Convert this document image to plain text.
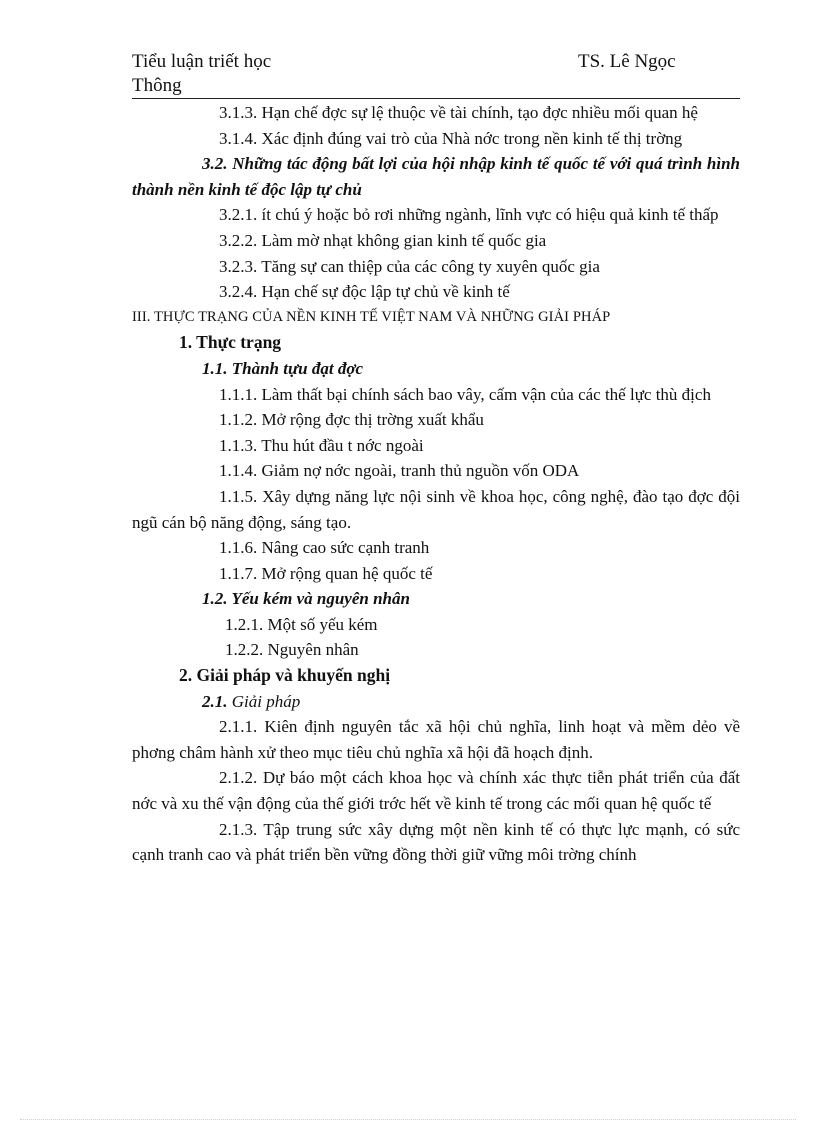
Tiểu luận triết học	TS. Lê Ngọc
Thông

3.1.3. Hạn chế đợc sự lệ thuộc về tài chính, tạo đợc nhiều mối quan hệ

3.1.4. Xác định đúng vai trò của Nhà nớc trong nền kinh tế thị trờng

3.2. Những tác động bất lợi của hội nhập kinh tế quốc tế với quá trình hình thành nền kinh tế độc lập tự chủ

3.2.1. ít chú ý hoặc bỏ rơi những ngành, lĩnh vực có hiệu quả kinh tế thấp

3.2.2. Làm mờ nhạt không gian kinh tế quốc gia

3.2.3. Tăng sự can thiệp của các công ty xuyên quốc gia

3.2.4. Hạn chế sự độc lập tự chủ về kinh tế

III. THỰC TRẠNG CỦA NỀN KINH TẾ VIỆT NAM VÀ NHỮNG GIẢI PHÁP

1. Thực trạng

1.1. Thành tựu đạt đợc

1.1.1. Làm thất bại chính sách bao vây, cấm vận của các thế lực thù địch

1.1.2. Mở rộng đợc thị trờng xuất khẩu

1.1.3. Thu hút đầu t nớc ngoài

1.1.4. Giảm nợ nớc ngoài, tranh thủ nguồn vốn ODA

1.1.5. Xây dựng năng lực nội sinh về khoa học, công nghệ, đào tạo đợc đội ngũ cán bộ năng động, sáng tạo.

1.1.6. Nâng cao sức cạnh tranh

1.1.7. Mở rộng quan hệ quốc tế

1.2. Yếu kém và nguyên nhân

1.2.1. Một số yếu kém

1.2.2. Nguyên nhân

2. Giải pháp và khuyến nghị

2.1. Giải pháp

2.1.1. Kiên định nguyên tắc xã hội chủ nghĩa, linh hoạt và mềm dẻo về phơng châm hành xử theo mục tiêu chủ nghĩa xã hội đã hoạch định.

2.1.2. Dự báo một cách khoa học và chính xác thực tiễn phát triển của đất nớc và xu thế vận động của thế giới trớc hết về kinh tế trong các mối quan hệ quốc tế

2.1.3. Tập trung sức xây dựng một nền kinh tế có thực lực mạnh, có sức cạnh tranh cao và phát triển bền vững đồng thời giữ vững môi trờng chính
